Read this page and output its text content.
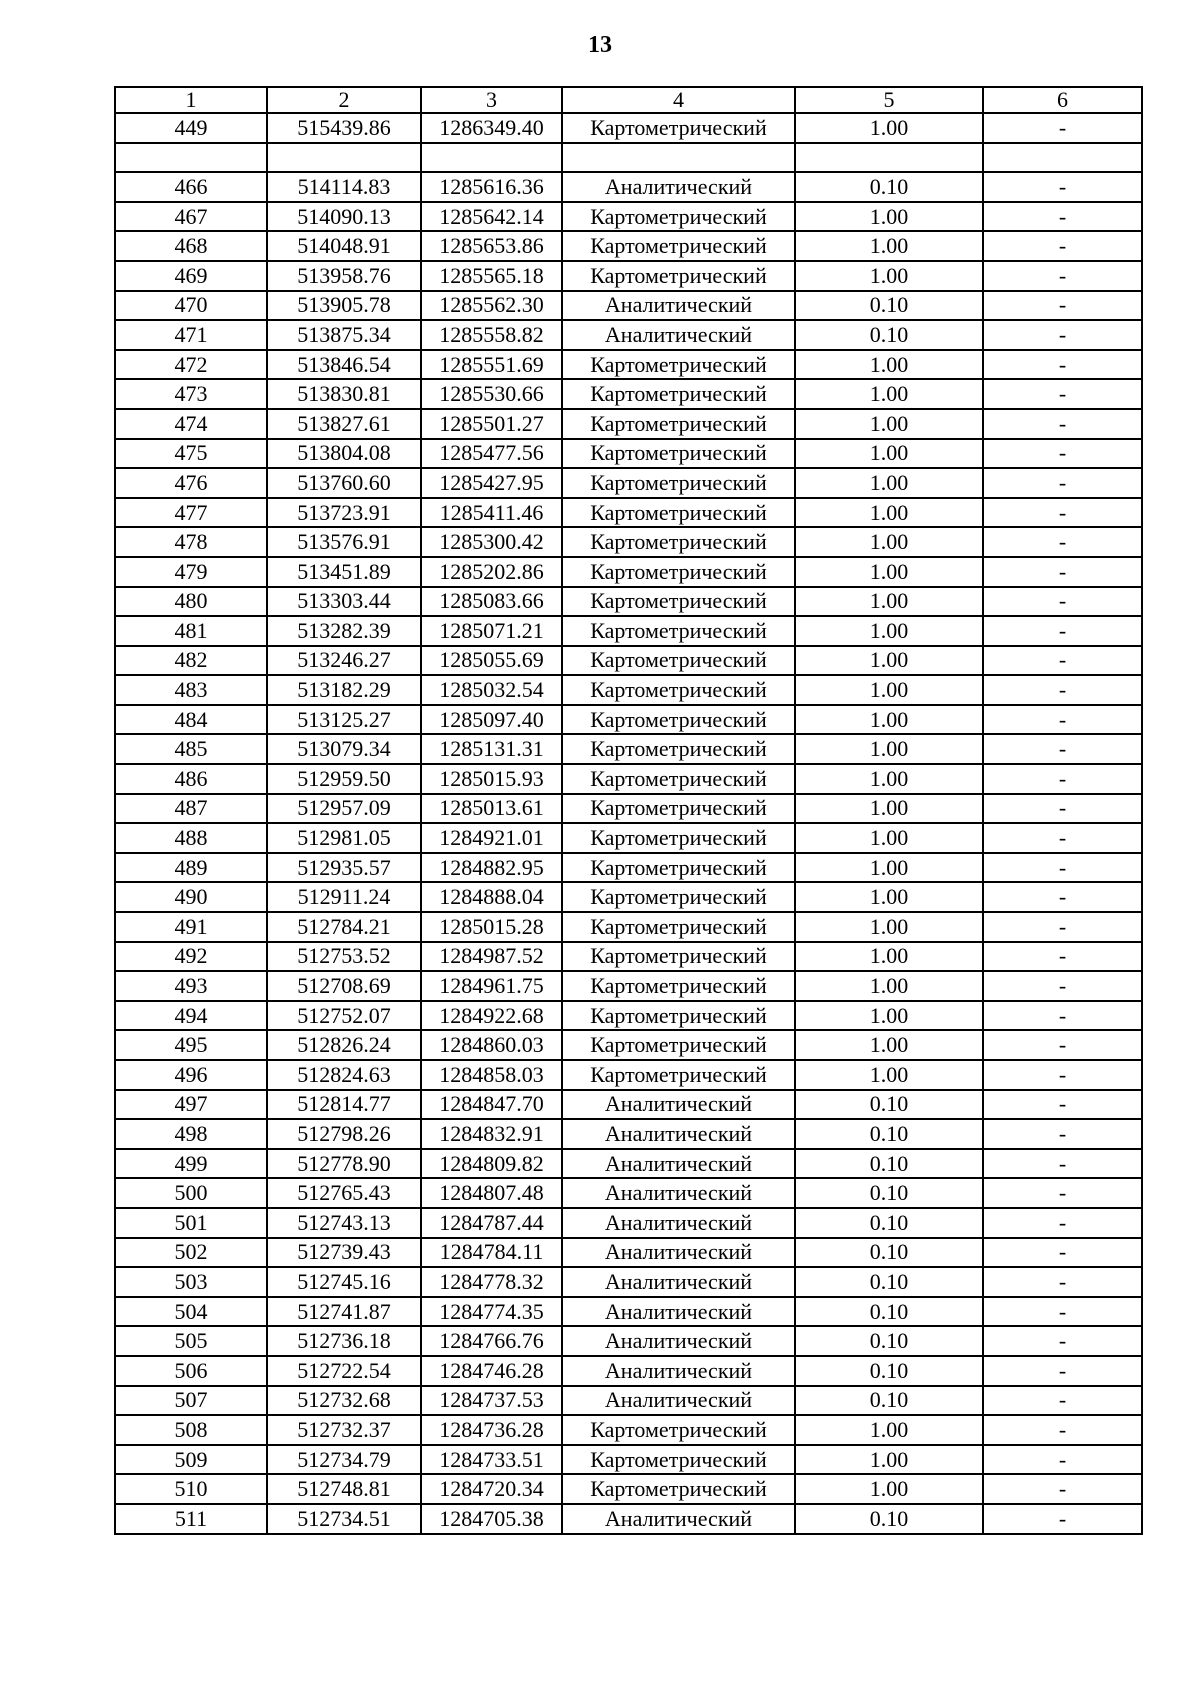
13
1	2	3	4	5	6
449	515439.86	1286349.40	Картометрический	1.00	-

466	514114.83	1285616.36	Аналитический	0.10	-
467	514090.13	1285642.14	Картометрический	1.00	-
468	514048.91	1285653.86	Картометрический	1.00	-
469	513958.76	1285565.18	Картометрический	1.00	-
470	513905.78	1285562.30	Аналитический	0.10	-
471	513875.34	1285558.82	Аналитический	0.10	-
472	513846.54	1285551.69	Картометрический	1.00	-
473	513830.81	1285530.66	Картометрический	1.00	-
474	513827.61	1285501.27	Картометрический	1.00	-
475	513804.08	1285477.56	Картометрический	1.00	-
476	513760.60	1285427.95	Картометрический	1.00	-
477	513723.91	1285411.46	Картометрический	1.00	-
478	513576.91	1285300.42	Картометрический	1.00	-
479	513451.89	1285202.86	Картометрический	1.00	-
480	513303.44	1285083.66	Картометрический	1.00	-
481	513282.39	1285071.21	Картометрический	1.00	-
482	513246.27	1285055.69	Картометрический	1.00	-
483	513182.29	1285032.54	Картометрический	1.00	-
484	513125.27	1285097.40	Картометрический	1.00	-
485	513079.34	1285131.31	Картометрический	1.00	-
486	512959.50	1285015.93	Картометрический	1.00	-
487	512957.09	1285013.61	Картометрический	1.00	-
488	512981.05	1284921.01	Картометрический	1.00	-
489	512935.57	1284882.95	Картометрический	1.00	-
490	512911.24	1284888.04	Картометрический	1.00	-
491	512784.21	1285015.28	Картометрический	1.00	-
492	512753.52	1284987.52	Картометрический	1.00	-
493	512708.69	1284961.75	Картометрический	1.00	-
494	512752.07	1284922.68	Картометрический	1.00	-
495	512826.24	1284860.03	Картометрический	1.00	-
496	512824.63	1284858.03	Картометрический	1.00	-
497	512814.77	1284847.70	Аналитический	0.10	-
498	512798.26	1284832.91	Аналитический	0.10	-
499	512778.90	1284809.82	Аналитический	0.10	-
500	512765.43	1284807.48	Аналитический	0.10	-
501	512743.13	1284787.44	Аналитический	0.10	-
502	512739.43	1284784.11	Аналитический	0.10	-
503	512745.16	1284778.32	Аналитический	0.10	-
504	512741.87	1284774.35	Аналитический	0.10	-
505	512736.18	1284766.76	Аналитический	0.10	-
506	512722.54	1284746.28	Аналитический	0.10	-
507	512732.68	1284737.53	Аналитический	0.10	-
508	512732.37	1284736.28	Картометрический	1.00	-
509	512734.79	1284733.51	Картометрический	1.00	-
510	512748.81	1284720.34	Картометрический	1.00	-
511	512734.51	1284705.38	Аналитический	0.10	-
